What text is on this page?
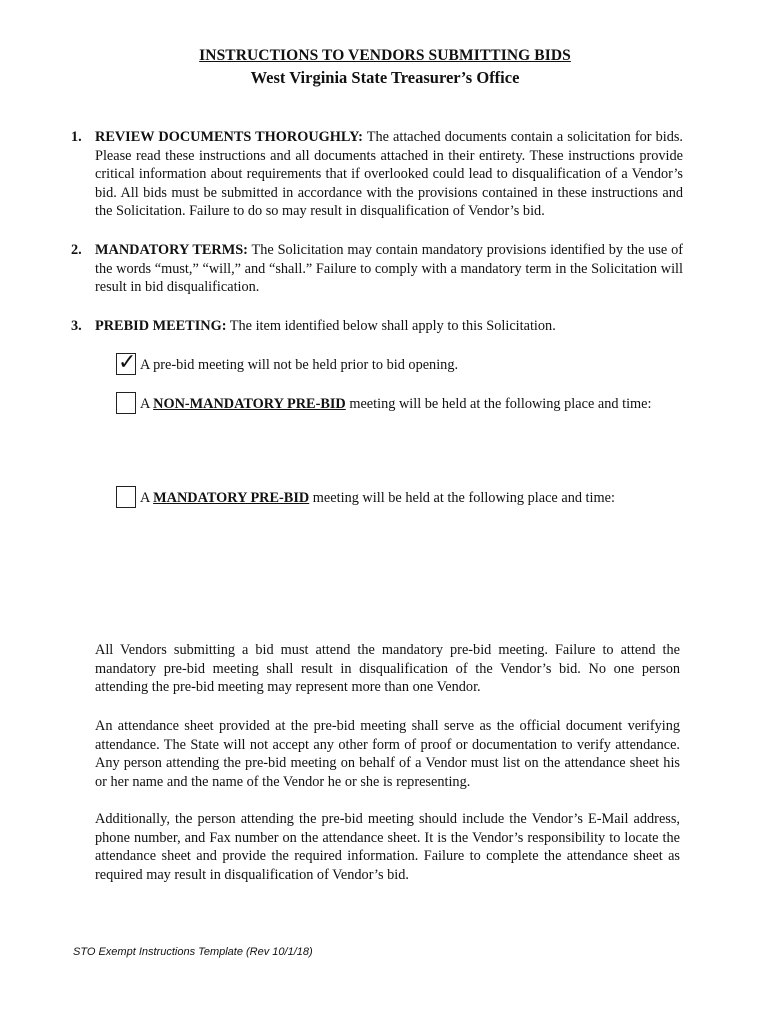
INSTRUCTIONS TO VENDORS SUBMITTING BIDS
West Virginia State Treasurer’s Office
1. REVIEW DOCUMENTS THOROUGHLY: The attached documents contain a solicitation for bids. Please read these instructions and all documents attached in their entirety. These instructions provide critical information about requirements that if overlooked could lead to disqualification of a Vendor’s bid. All bids must be submitted in accordance with the provisions contained in these instructions and the Solicitation. Failure to do so may result in disqualification of Vendor’s bid.
2. MANDATORY TERMS: The Solicitation may contain mandatory provisions identified by the use of the words “must,” “will,” and “shall.” Failure to comply with a mandatory term in the Solicitation will result in bid disqualification.
3. PREBID MEETING: The item identified below shall apply to this Solicitation.
✓ A pre-bid meeting will not be held prior to bid opening.
A NON-MANDATORY PRE-BID meeting will be held at the following place and time:
A MANDATORY PRE-BID meeting will be held at the following place and time:
All Vendors submitting a bid must attend the mandatory pre-bid meeting. Failure to attend the mandatory pre-bid meeting shall result in disqualification of the Vendor’s bid. No one person attending the pre-bid meeting may represent more than one Vendor.
An attendance sheet provided at the pre-bid meeting shall serve as the official document verifying attendance. The State will not accept any other form of proof or documentation to verify attendance. Any person attending the pre-bid meeting on behalf of a Vendor must list on the attendance sheet his or her name and the name of the Vendor he or she is representing.
Additionally, the person attending the pre-bid meeting should include the Vendor’s E-Mail address, phone number, and Fax number on the attendance sheet. It is the Vendor’s responsibility to locate the attendance sheet and provide the required information. Failure to complete the attendance sheet as required may result in disqualification of Vendor’s bid.
STO Exempt Instructions Template (Rev 10/1/18)
